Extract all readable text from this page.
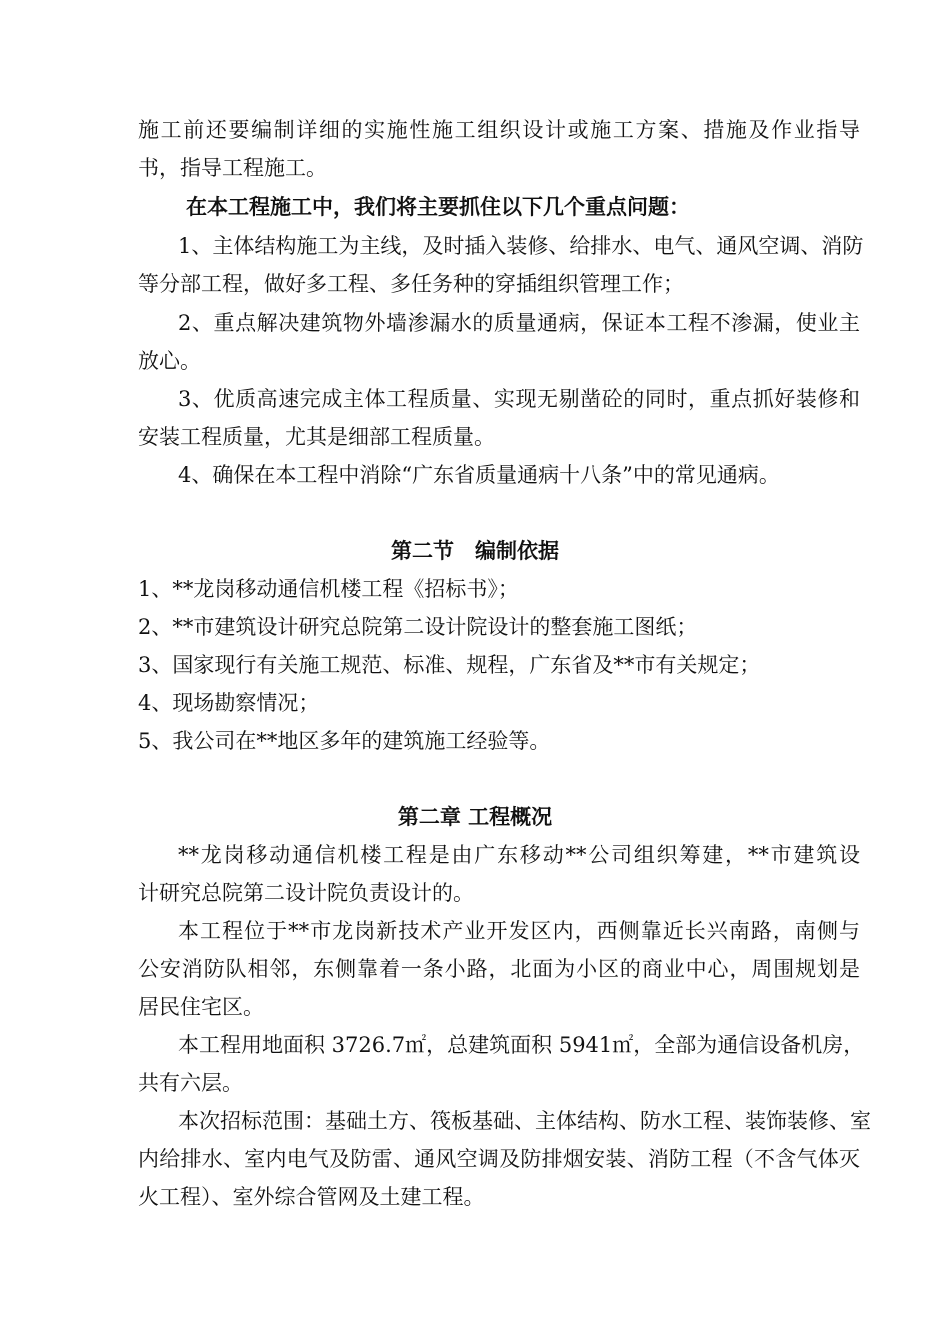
施工前还要编制详细的实施性施工组织设计或施工方案、措施及作业指导
书，指导工程施工。
在本工程施工中，我们将主要抓住以下几个重点问题：
1、主体结构施工为主线，及时插入装修、给排水、电气、通风空调、消防
等分部工程，做好多工程、多任务种的穿插组织管理工作；
2、重点解决建筑物外墙渗漏水的质量通病，保证本工程不渗漏，使业主
放心。
3、优质高速完成主体工程质量、实现无剔凿砼的同时，重点抓好装修和
安装工程质量，尤其是细部工程质量。
4、确保在本工程中消除“广东省质量通病十八条”中的常见通病。
第二节　编制依据
1、**龙岗移动通信机楼工程《招标书》；
2、**市建筑设计研究总院第二设计院设计的整套施工图纸；
3、国家现行有关施工规范、标准、规程，广东省及**市有关规定；
4、现场勘察情况；
5、我公司在**地区多年的建筑施工经验等。
第二章 工程概况
**龙岗移动通信机楼工程是由广东移动**公司组织筹建，**市建筑设
计研究总院第二设计院负责设计的。
本工程位于**市龙岗新技术产业开发区内，西侧靠近长兴南路，南侧与
公安消防队相邻，东侧靠着一条小路，北面为小区的商业中心，周围规划是
居民住宅区。
本工程用地面积 3726.7㎡，总建筑面积 5941㎡，全部为通信设备机房，
共有六层。
本次招标范围：基础土方、筏板基础、主体结构、防水工程、装饰装修、室
内给排水、室内电气及防雷、通风空调及防排烟安装、消防工程（不含气体灭
火工程）、室外综合管网及土建工程。
